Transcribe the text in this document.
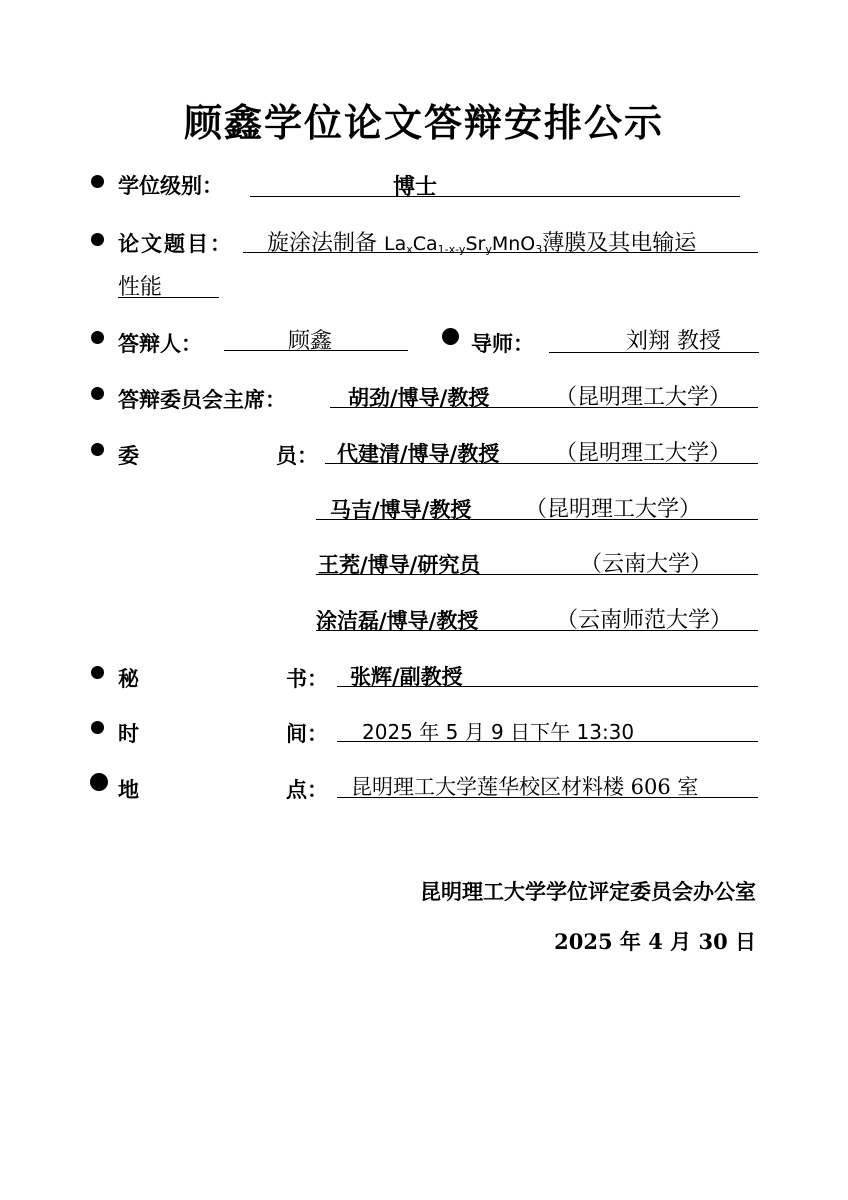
顾鑫学位论文答辩安排公示
学位级别：	博士
论文题目： 旋涂法制备 $La_xCa_{1-x-y}Sr_yMnO_3$薄膜及其电输运
性能
答辩人：	顾鑫	导师：	刘翔 教授
答辩委员会主席：	胡劲/博导/教授	（昆明理工大学）
委	员： 代建清/博导/教授	（昆明理工大学）
马吉/博导/教授 （昆明理工大学）
王茺/博导/研究员	（云南大学）
涂洁磊/博导/教授	（云南师范大学）
秘	书： 张辉/副教授
时	间： 2025 年 5 月 9 日下午 13:30
地	点： 昆明理工大学莲华校区材料楼 606 室
昆明理工大学学位评定委员会办公室
2025 年 4 月 30 日
